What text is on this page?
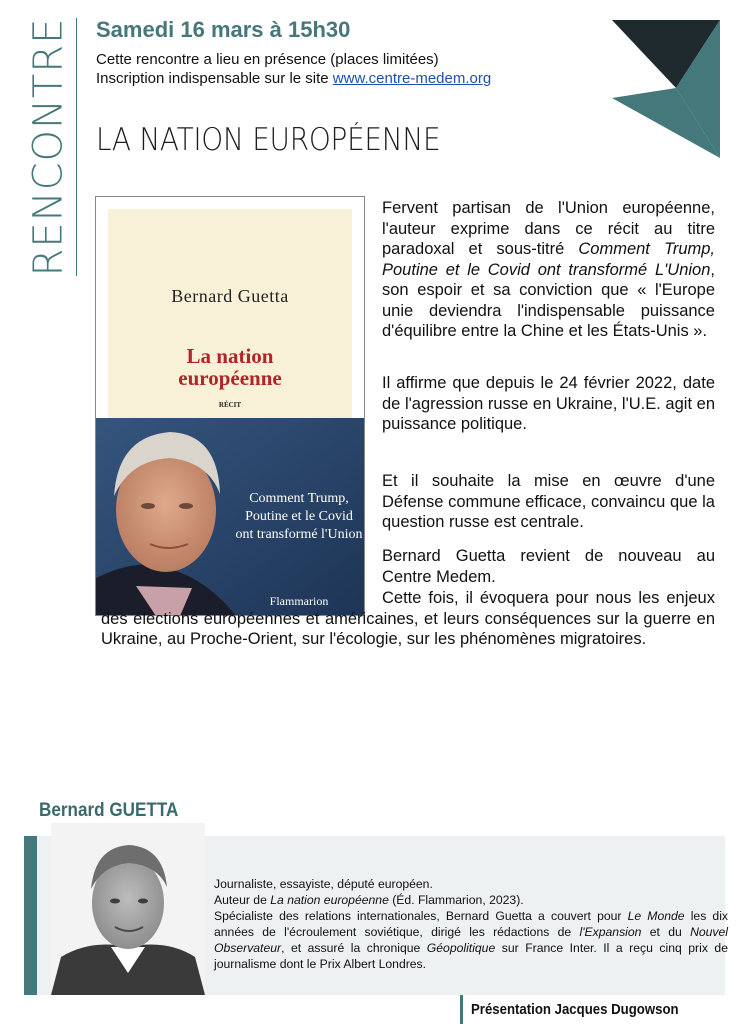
RENCONTRE Samedi 16 mars à 15h30
Cette rencontre a lieu en présence (places limitées)
Inscription indispensable sur le site www.centre-medem.org
LA NATION EUROPÉENNE
Bernard Guetta
La nation
européenne
RÉCIT
Comment Trump,
Poutine et le Covid
ont transformé l'Union
Flammarion

Fervent partisan de l'Union européenne, l'auteur exprime dans ce récit au titre paradoxal et sous-titré Comment Trump, Poutine et le Covid ont transformé L'Union, son espoir et sa conviction que « l'Europe unie deviendra l'indispensable puissance d'équilibre entre la Chine et les États-Unis ».

Il affirme que depuis le 24 février 2022, date de l'agression russe en Ukraine, l'U.E. agit en puissance politique.

Et il souhaite la mise en œuvre d'une Défense commune efficace, convaincu que la question russe est centrale.

Bernard Guetta revient de nouveau au Centre Medem.

Cette fois, il évoquera pour nous les enjeux des élections européennes et américaines, et leurs conséquences sur la guerre en Ukraine, au Proche-Orient, sur l'écologie, sur les phénomènes migratoires.

Bernard GUETTA
Journaliste, essayiste, député européen.
Auteur de La nation européenne (Éd. Flammarion, 2023).
Spécialiste des relations internationales, Bernard Guetta a couvert pour Le Monde les dix années de l'écroulement soviétique, dirigé les rédactions de l'Expansion et du Nouvel Observateur, et assuré la chronique Géopolitique sur France Inter. Il a reçu cinq prix de journalisme dont le Prix Albert Londres.
Présentation Jacques Dugowson
